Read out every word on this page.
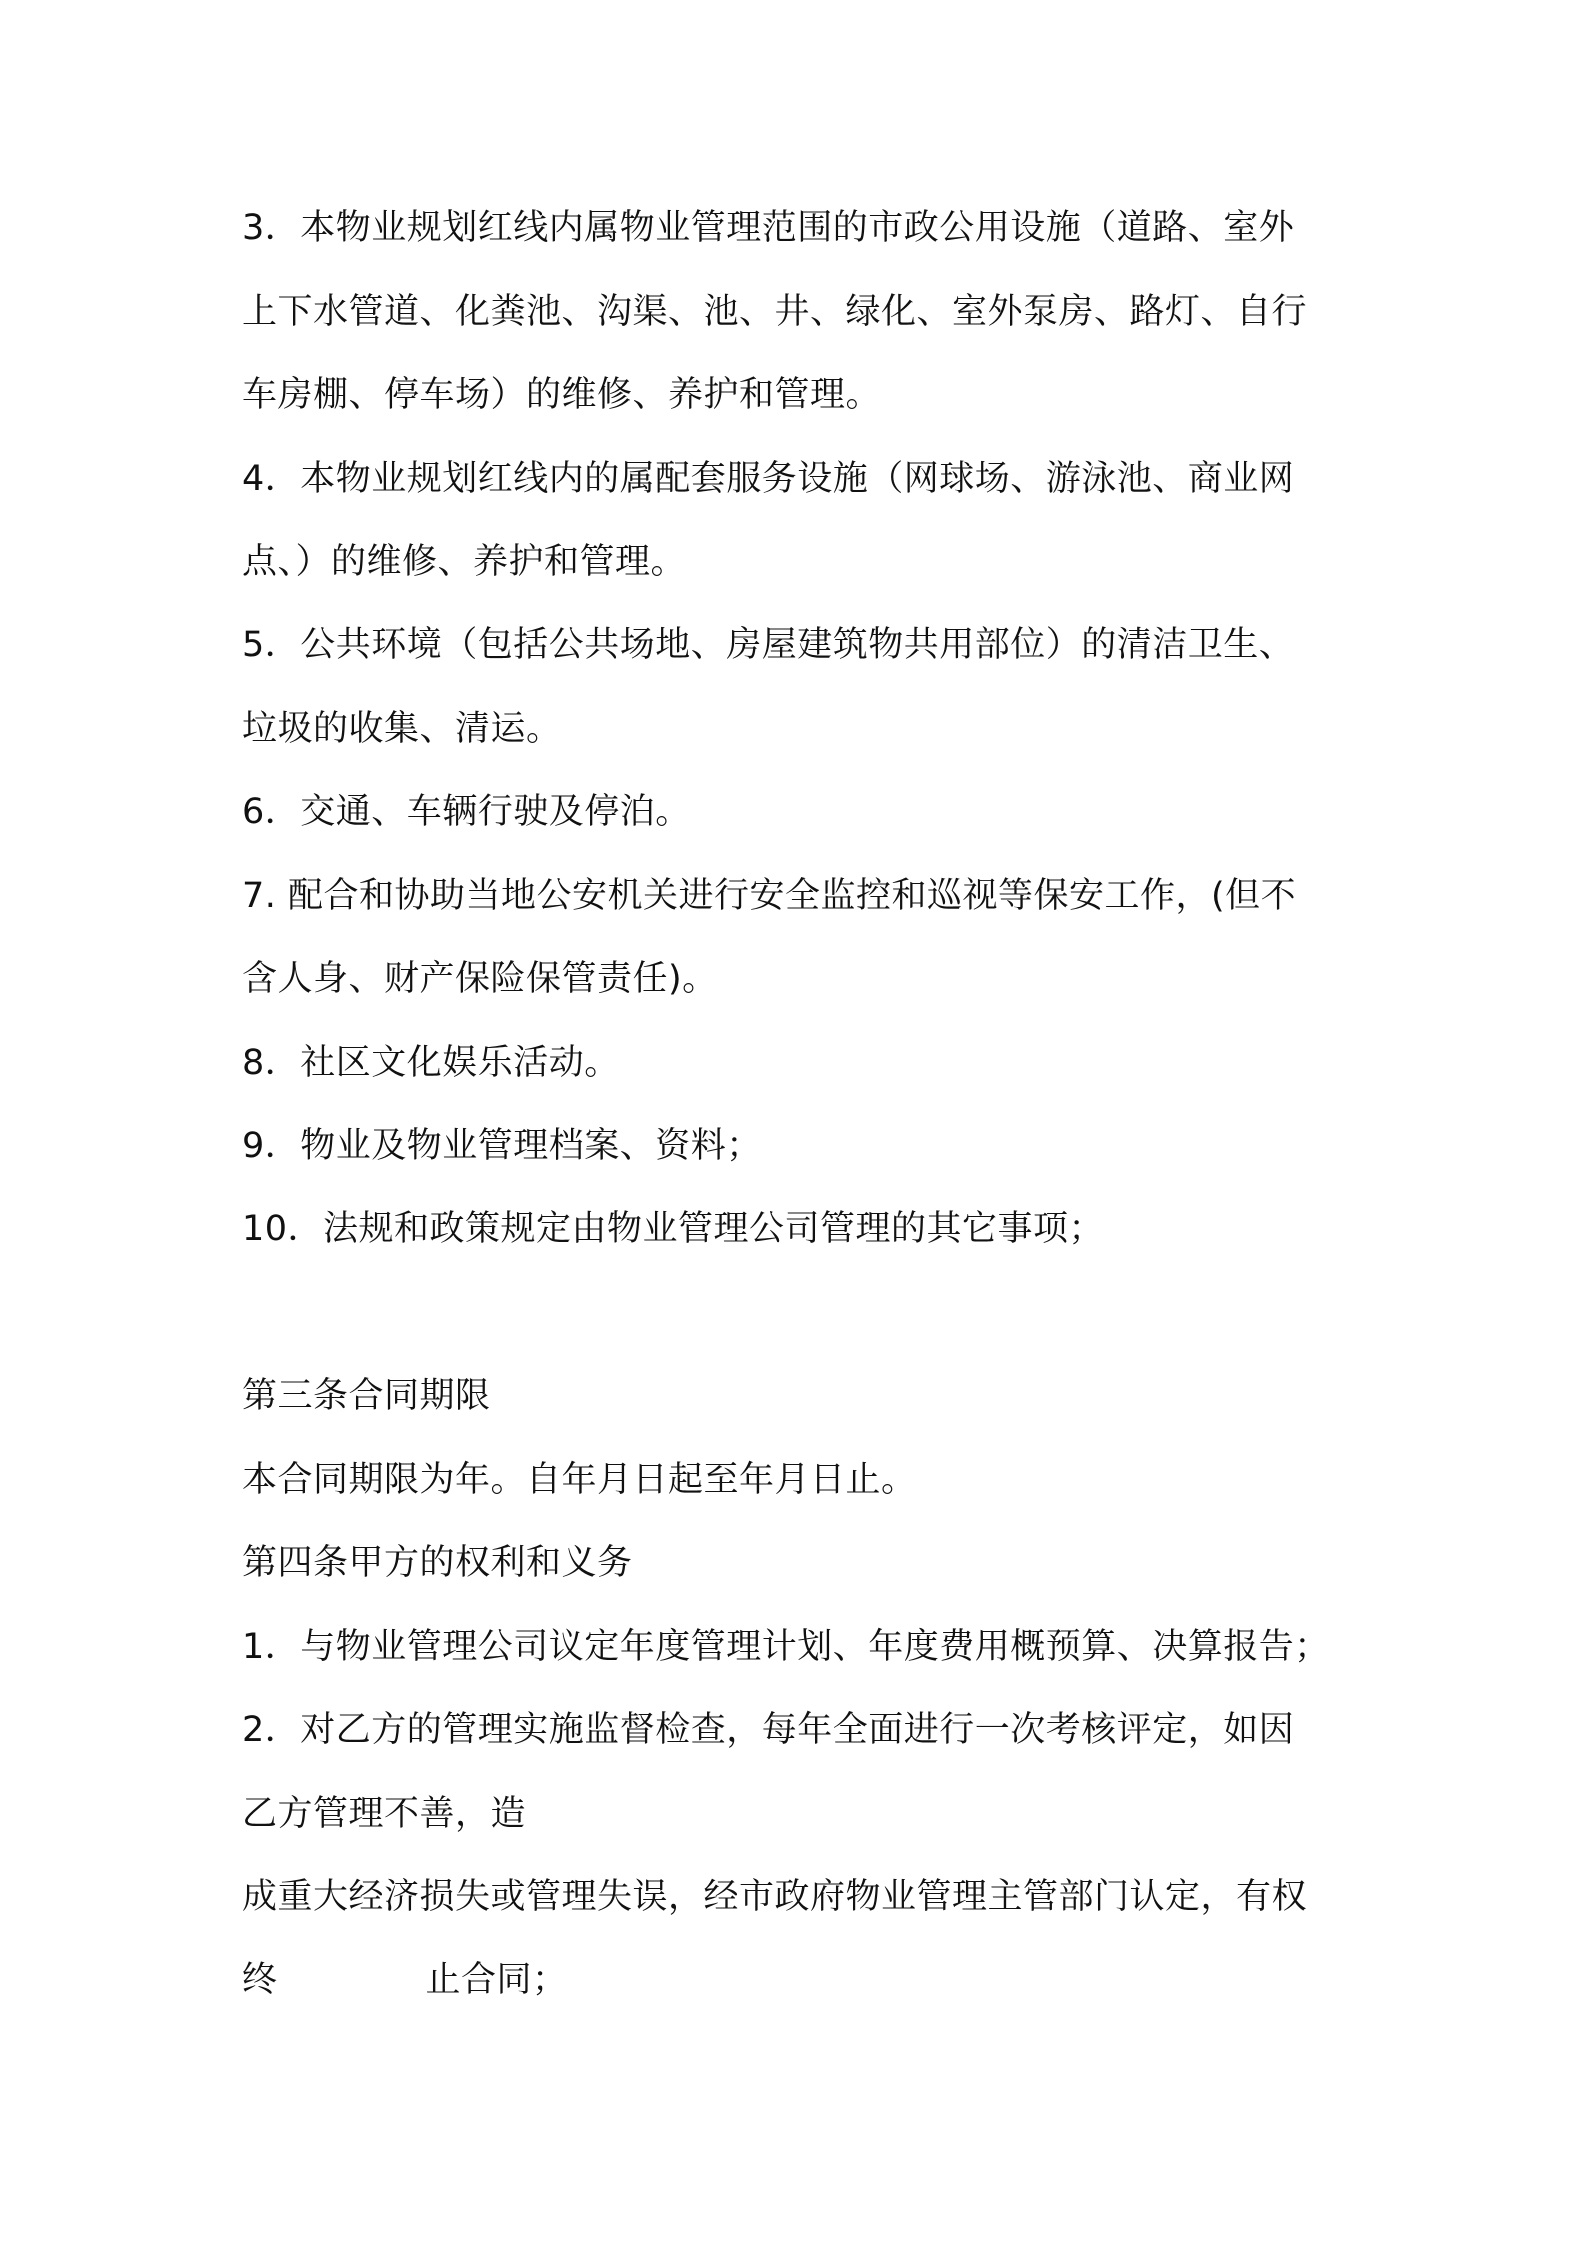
3．本物业规划红线内属物业管理范围的市政公用设施（道路、室外
上下水管道、化粪池、沟渠、池、井、绿化、室外泵房、路灯、自行
车房棚、停车场）的维修、养护和管理。
4．本物业规划红线内的属配套服务设施（网球场、游泳池、商业网
点、）的维修、养护和管理。
5．公共环境（包括公共场地、房屋建筑物共用部位）的清洁卫生、
垃圾的收集、清运。
6．交通、车辆行驶及停泊。
7. 配合和协助当地公安机关进行安全监控和巡视等保安工作，(但不
含人身、财产保险保管责任)。
8．社区文化娱乐活动。
9．物业及物业管理档案、资料；
10．法规和政策规定由物业管理公司管理的其它事项；
第三条合同期限
本合同期限为年。自年月日起至年月日止。
第四条甲方的权利和义务
1．与物业管理公司议定年度管理计划、年度费用概预算、决算报告；
2．对乙方的管理实施监督检查，每年全面进行一次考核评定，如因
乙方管理不善，造
成重大经济损失或管理失误，经市政府物业管理主管部门认定，有权
终	止合同；
